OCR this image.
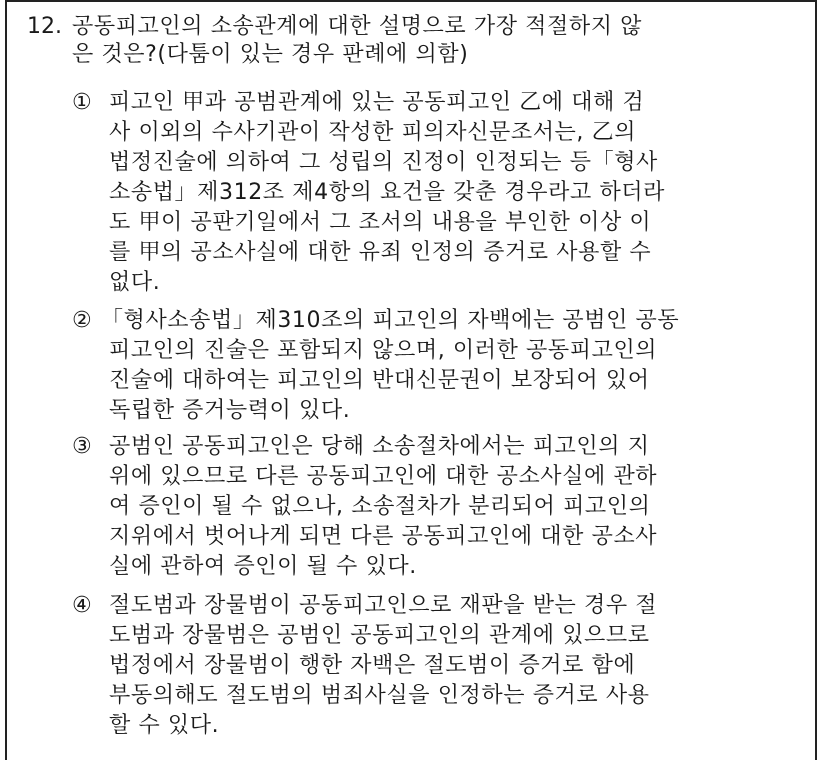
12. 공동피고인의 소송관계에 대한 설명으로 가장 적절하지 않
은 것은?(다툼이 있는 경우 판례에 의함)
① 피고인 甲과 공범관계에 있는 공동피고인 乙에 대해 검
사 이외의 수사기관이 작성한 피의자신문조서는, 乙의
법정진술에 의하여 그 성립의 진정이 인정되는 등「형사
소송법」제312조 제4항의 요건을 갖춘 경우라고 하더라
도 甲이 공판기일에서 그 조서의 내용을 부인한 이상 이
를 甲의 공소사실에 대한 유죄 인정의 증거로 사용할 수
없다.
② 「형사소송법」제310조의 피고인의 자백에는 공범인 공동
피고인의 진술은 포함되지 않으며, 이러한 공동피고인의
진술에 대하여는 피고인의 반대신문권이 보장되어 있어
독립한 증거능력이 있다.
③ 공범인 공동피고인은 당해 소송절차에서는 피고인의 지
위에 있으므로 다른 공동피고인에 대한 공소사실에 관하
여 증인이 될 수 없으나, 소송절차가 분리되어 피고인의
지위에서 벗어나게 되면 다른 공동피고인에 대한 공소사
실에 관하여 증인이 될 수 있다.
④ 절도범과 장물범이 공동피고인으로 재판을 받는 경우 절
도범과 장물범은 공범인 공동피고인의 관계에 있으므로
법정에서 장물범이 행한 자백은 절도범이 증거로 함에
부동의해도 절도범의 범죄사실을 인정하는 증거로 사용
할 수 있다.
